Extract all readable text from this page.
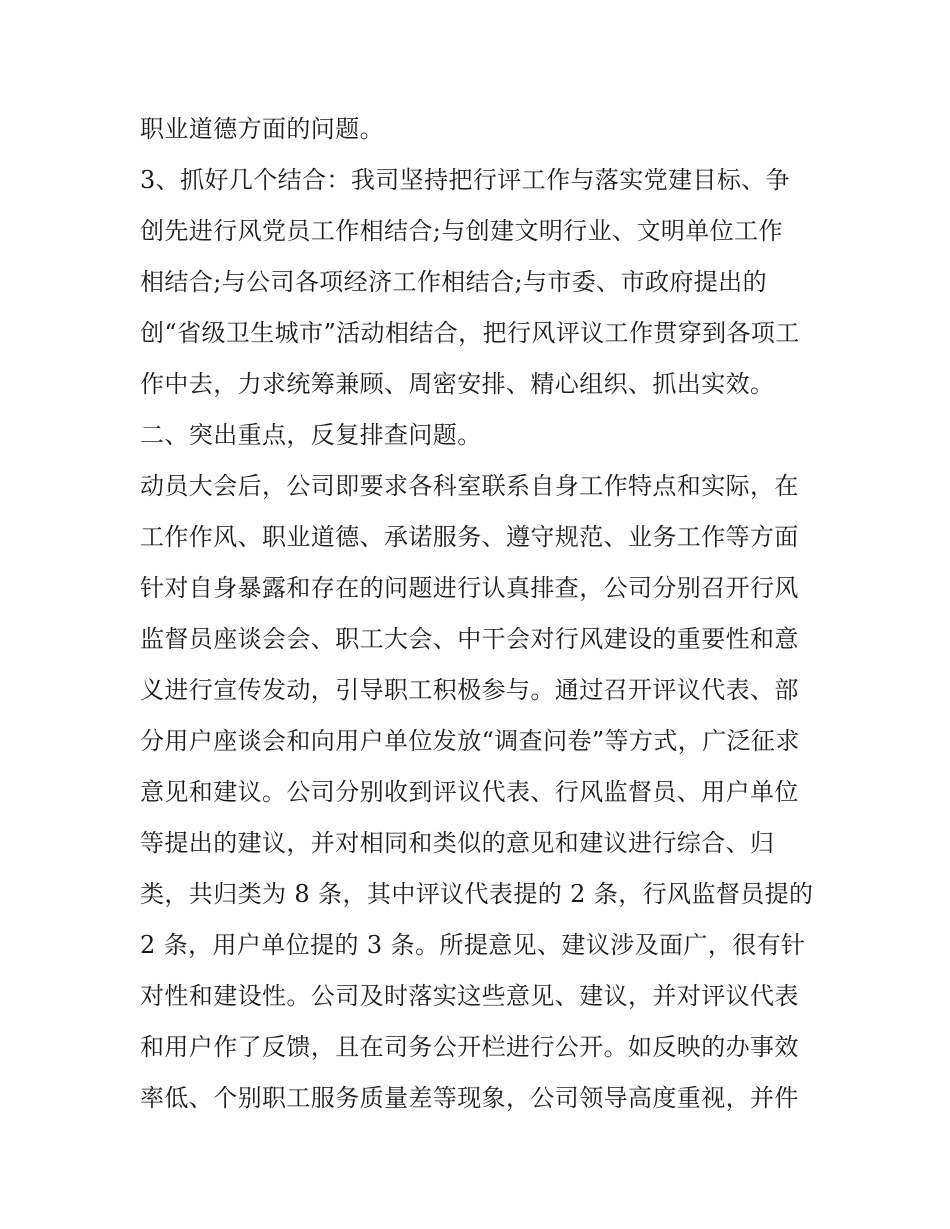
职业道德方面的问题。
3、抓好几个结合：我司坚持把行评工作与落实党建目标、争
创先进行风党员工作相结合;与创建文明行业、文明单位工作
相结合;与公司各项经济工作相结合;与市委、市政府提出的
创“省级卫生城市”活动相结合，把行风评议工作贯穿到各项工
作中去，力求统筹兼顾、周密安排、精心组织、抓出实效。
二、突出重点，反复排查问题。
动员大会后，公司即要求各科室联系自身工作特点和实际，在
工作作风、职业道德、承诺服务、遵守规范、业务工作等方面
针对自身暴露和存在的问题进行认真排查，公司分别召开行风
监督员座谈会会、职工大会、中干会对行风建设的重要性和意
义进行宣传发动，引导职工积极参与。通过召开评议代表、部
分用户座谈会和向用户单位发放“调查问卷”等方式，广泛征求
意见和建议。公司分别收到评议代表、行风监督员、用户单位
等提出的建议，并对相同和类似的意见和建议进行综合、归
类，共归类为 8 条，其中评议代表提的 2 条，行风监督员提的
2 条，用户单位提的 3 条。所提意见、建议涉及面广，很有针
对性和建设性。公司及时落实这些意见、建议，并对评议代表
和用户作了反馈，且在司务公开栏进行公开。如反映的办事效
率低、个别职工服务质量差等现象，公司领导高度重视，并件
